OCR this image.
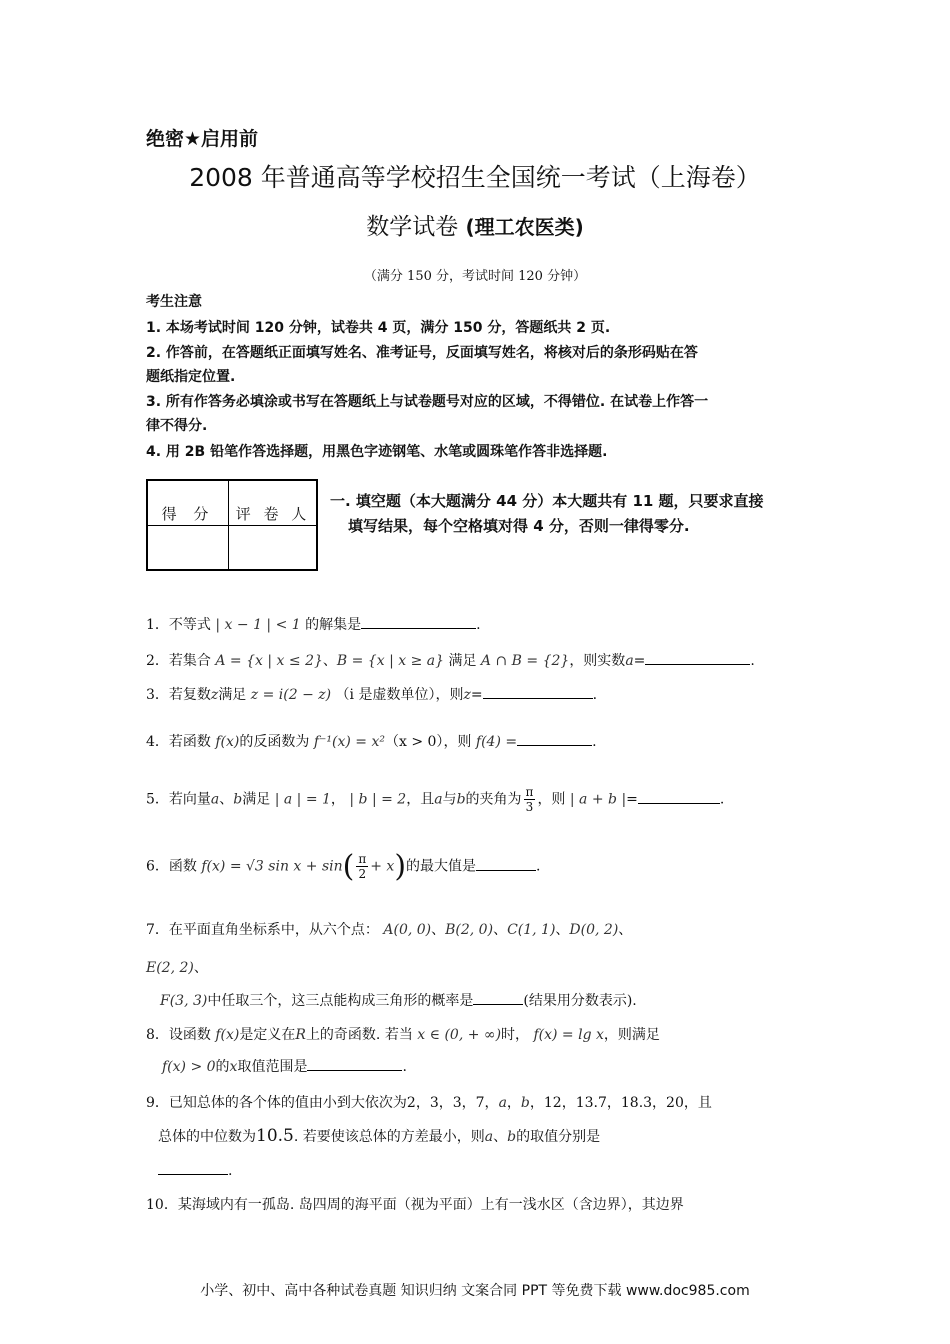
绝密★启用前
2008 年普通高等学校招生全国统一考试（上海卷）
数学试卷 (理工农医类)
（满分 150 分，考试时间 120 分钟）
考生注意
1. 本场考试时间 120 分钟，试卷共 4 页，满分 150 分，答题纸共 2 页.
2. 作答前，在答题纸正面填写姓名、准考证号，反面填写姓名，将核对后的条形码贴在答
题纸指定位置.
3. 所有作答务必填涂或书写在答题纸上与试卷题号对应的区域，不得错位. 在试卷上作答一
律不得分.
4. 用 2B 铅笔作答选择题，用黑色字迹钢笔、水笔或圆珠笔作答非选择题.
得 分	评 卷 人
一. 填空题（本大题满分 44 分）本大题共有 11 题，只要求直接
填写结果，每个空格填对得 4 分，否则一律得零分.
1．不等式 | x − 1 | < 1 的解集是	.
2．若集合 A = {x | x ≤ 2}、B = {x | x ≥ a} 满足 A ∩ B = {2}，则实数a=	.
3．若复数z满足 z = i(2 − z) （i 是虚数单位），则z=	.
4．若函数 f(x)的反函数为 f⁻¹(x) = x²（x > 0），则 f(4) =	.
5．若向量a、b满足 | a | = 1， | b | = 2，且a与b的夹角为 $\frac{\pi}{3}$ ，则 | a + b |=	.
6．函数 f(x) = √3 $\sin x + \sin( \frac{\pi}{2} + x)$的最大值是	.
7．在平面直角坐标系中，从六个点： A(0, 0)、B(2, 0)、C(1, 1)、D(0, 2)、
E(2, 2)、
F(3, 3)中任取三个，这三点能构成三角形的概率是	(结果用分数表示).
8．设函数 f(x)是定义在R上的奇函数. 若当 x ∈ (0, + ∞)时， f(x) = lg x，则满足
f(x) > 0的x取值范围是	.
9．已知总体的各个体的值由小到大依次为2，3，3，7，a，b，12，13.7，18.3，20，且
总体的中位数为10.5. 若要使该总体的方差最小，则a、b的取值分别是
.
10．某海域内有一孤岛. 岛四周的海平面（视为平面）上有一浅水区（含边界），其边界
小学、初中、高中各种试卷真题 知识归纳 文案合同 PPT 等免费下载 www.doc985.com
